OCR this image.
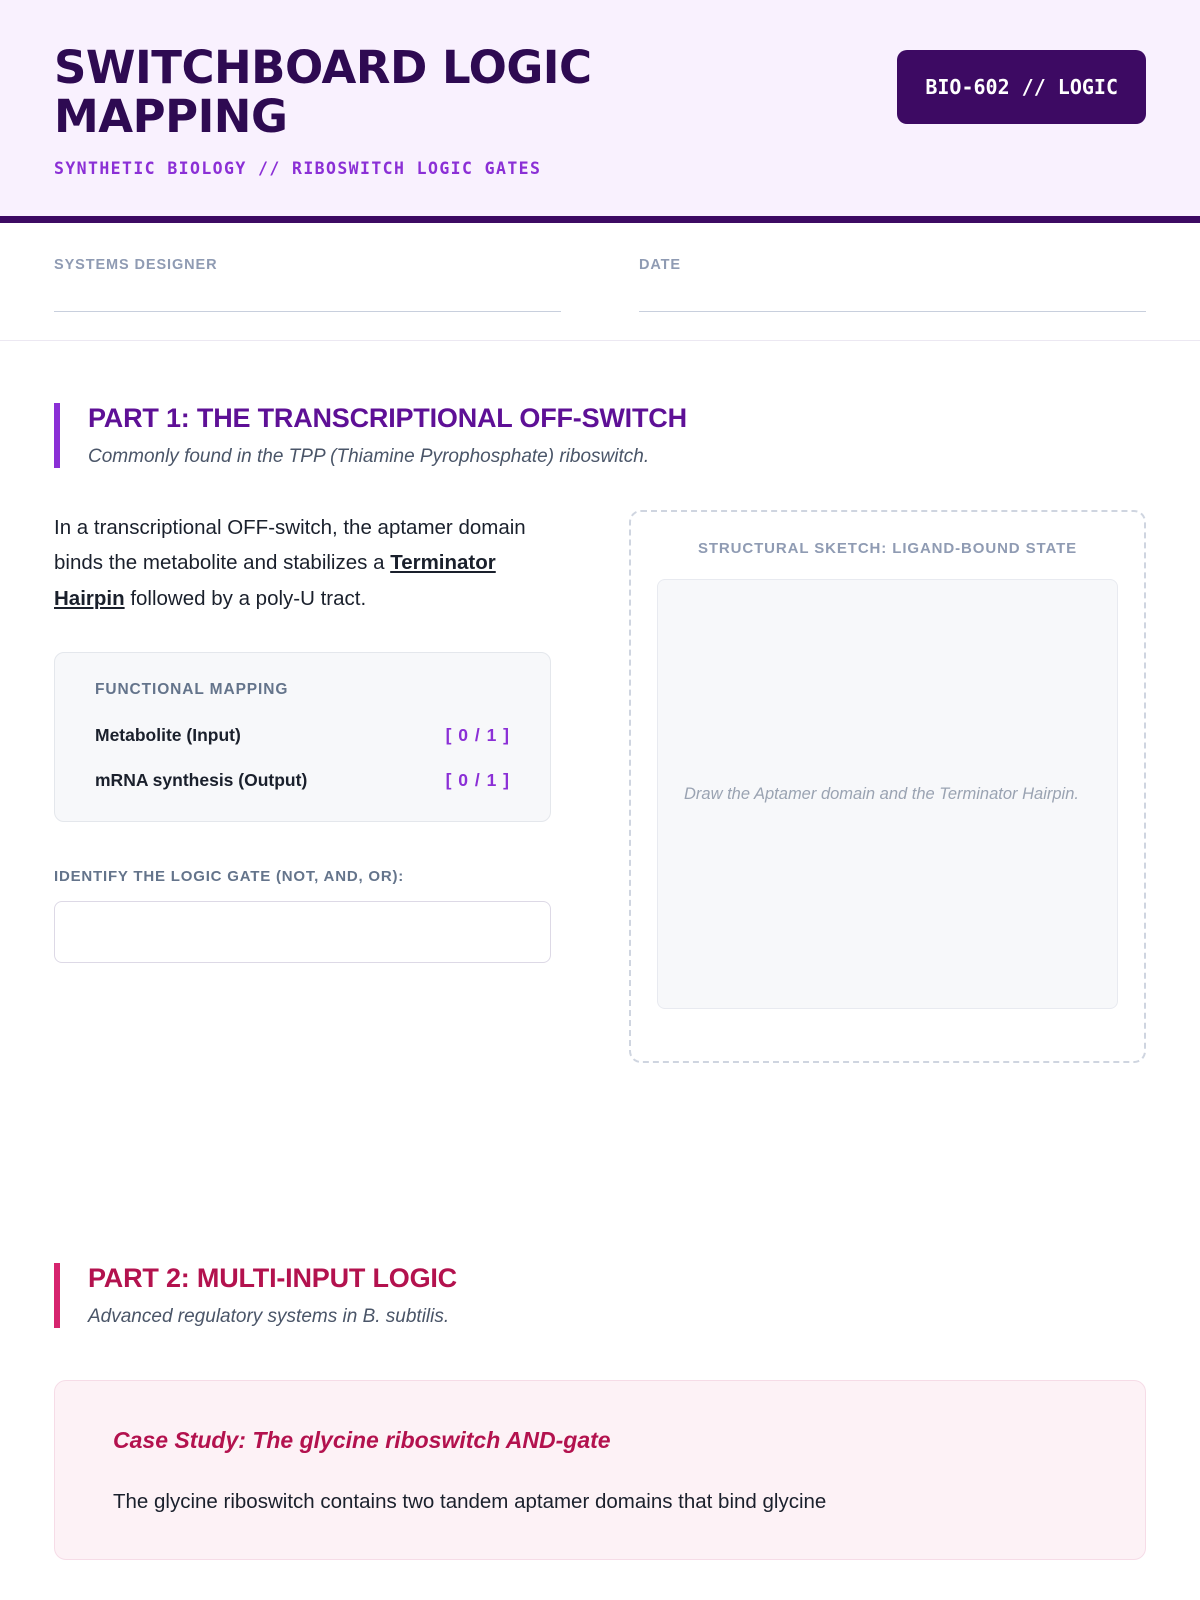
SWITCHBOARD LOGIC MAPPING

SYNTHETIC BIOLOGY // RIBOSWITCH LOGIC GATES

BIO-602 // LOGIC
SYSTEMS DESIGNER	DATE
PART 1: THE TRANSCRIPTIONAL OFF-SWITCH

Commonly found in the TPP (Thiamine Pyrophosphate) riboswitch.

In a transcriptional OFF-switch, the aptamer domain binds the metabolite and stabilizes a Terminator Hairpin followed by a poly-U tract.

FUNCTIONAL MAPPING
Metabolite (Input)	[ 0 / 1 ]
mRNA synthesis (Output)	[ 0 / 1 ]
IDENTIFY THE LOGIC GATE (NOT, AND, OR):
STRUCTURAL SKETCH: LIGAND-BOUND STATE
Draw the Aptamer domain and the Terminator Hairpin.
PART 2: MULTI-INPUT LOGIC

Advanced regulatory systems in B. subtilis.

Case Study: The glycine riboswitch AND-gate

The glycine riboswitch contains two tandem aptamer domains that bind glycine
